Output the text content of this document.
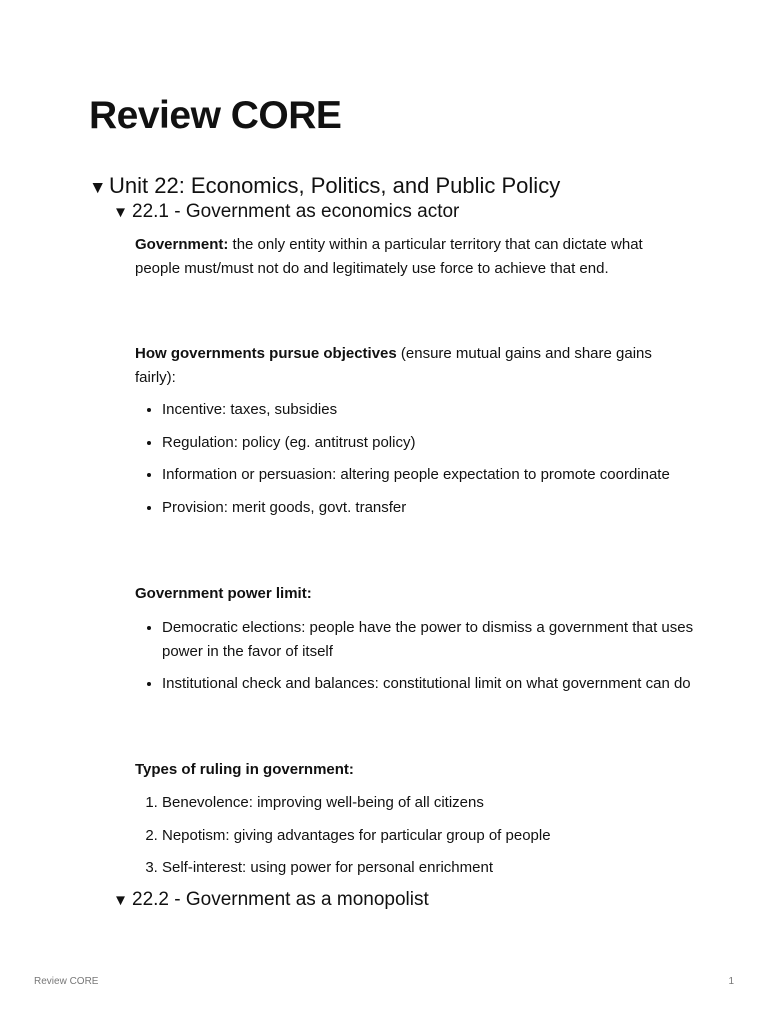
Review CORE
▼ Unit 22: Economics, Politics, and Public Policy
▼ 22.1 - Government as economics actor

Government: the only entity within a particular territory that can dictate what people must/must not do and legitimately use force to achieve that end.

How governments pursue objectives (ensure mutual gains and share gains fairly):

• Incentive: taxes, subsidies
• Regulation: policy (eg. antitrust policy)
• Information or persuasion: altering people expectation to promote coordinate
• Provision: merit goods, govt. transfer

Government power limit:

• Democratic elections: people have the power to dismiss a government that uses power in the favor of itself
• Institutional check and balances: constitutional limit on what government can do

Types of ruling in government:

1. Benevolence: improving well-being of all citizens
2. Nepotism: giving advantages for particular group of people
3. Self-interest: using power for personal enrichment
▼ 22.2 - Government as a monopolist
Review CORE	1
